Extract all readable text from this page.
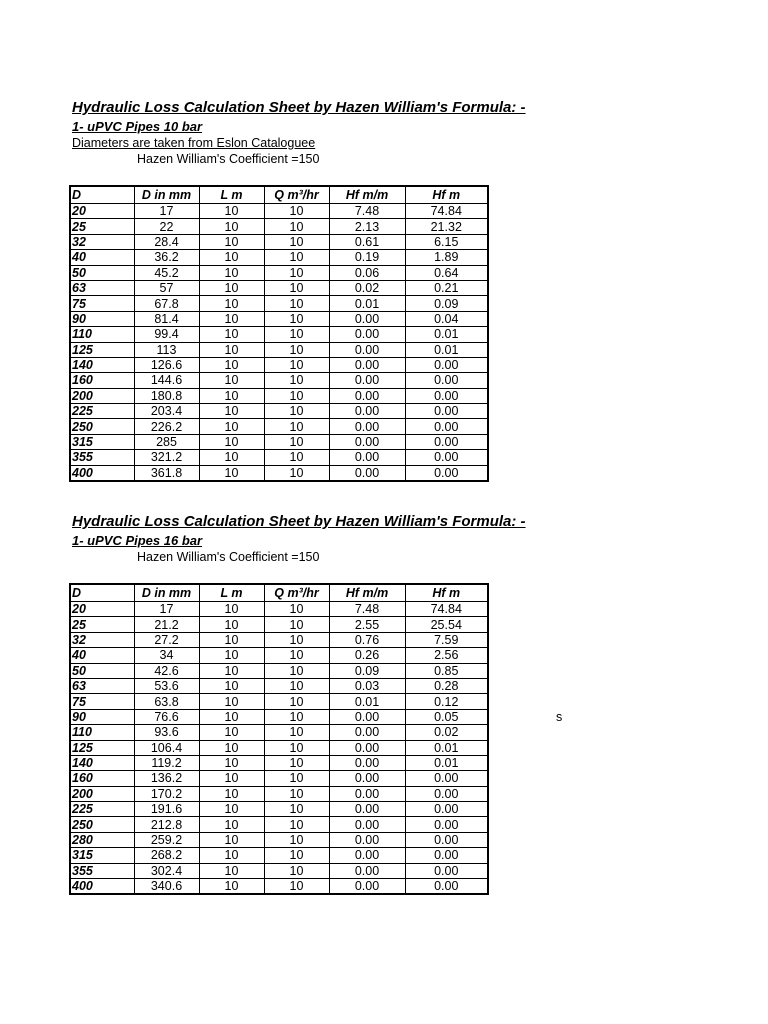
Hydraulic Loss Calculation Sheet by Hazen William's Formula: -
1- uPVC Pipes 10 bar
Diameters are taken from Eslon Cataloguee
Hazen William's Coefficient =150
D	D in mm	L m	Q m³/hr	Hf m/m	Hf m
20	17	10	10	7.48	74.84
25	22	10	10	2.13	21.32
32	28.4	10	10	0.61	6.15
40	36.2	10	10	0.19	1.89
50	45.2	10	10	0.06	0.64
63	57	10	10	0.02	0.21
75	67.8	10	10	0.01	0.09
90	81.4	10	10	0.00	0.04
110	99.4	10	10	0.00	0.01
125	113	10	10	0.00	0.01
140	126.6	10	10	0.00	0.00
160	144.6	10	10	0.00	0.00
200	180.8	10	10	0.00	0.00
225	203.4	10	10	0.00	0.00
250	226.2	10	10	0.00	0.00
315	285	10	10	0.00	0.00
355	321.2	10	10	0.00	0.00
400	361.8	10	10	0.00	0.00
Hydraulic Loss Calculation Sheet by Hazen William's Formula: -
1- uPVC Pipes 16 bar
Hazen William's Coefficient =150
D	D in mm	L m	Q m³/hr	Hf m/m	Hf m
20	17	10	10	7.48	74.84
25	21.2	10	10	2.55	25.54
32	27.2	10	10	0.76	7.59
40	34	10	10	0.26	2.56
50	42.6	10	10	0.09	0.85
63	53.6	10	10	0.03	0.28
75	63.8	10	10	0.01	0.12
90	76.6	10	10	0.00	0.05
110	93.6	10	10	0.00	0.02
125	106.4	10	10	0.00	0.01
140	119.2	10	10	0.00	0.01
160	136.2	10	10	0.00	0.00
200	170.2	10	10	0.00	0.00
225	191.6	10	10	0.00	0.00
250	212.8	10	10	0.00	0.00
280	259.2	10	10	0.00	0.00
315	268.2	10	10	0.00	0.00
355	302.4	10	10	0.00	0.00
400	340.6	10	10	0.00	0.00
s
